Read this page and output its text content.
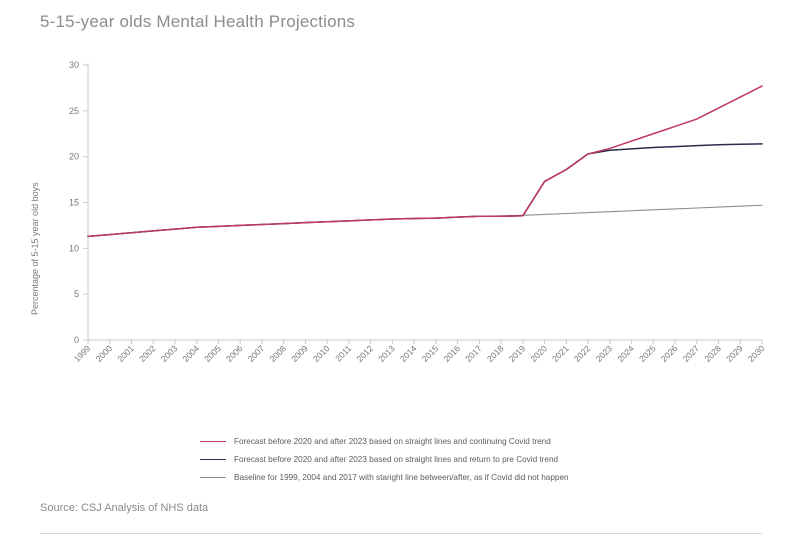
5-15-year olds Mental Health Projections
Percentage of 5-15 year old boys
0
5
10
15
20
25
30
1999 2000 2001 2002 2003 2004 2005 2006 2007 2008 2009 2010 2011 2012 2013 2014 2015 2016 2017 2018 2019 2020 2021 2022 2023 2024 2025 2026 2027 2028 2029 2030
Forecast before 2020 and after 2023 based on straight lines and continuing Covid trend
Forecast before 2020 and after 2023 based on straight lines and return to pre Covid trend
Baseline for 1999, 2004 and 2017 with staright line between/after, as if Covid did not happen
Source: CSJ Analysis of NHS data
